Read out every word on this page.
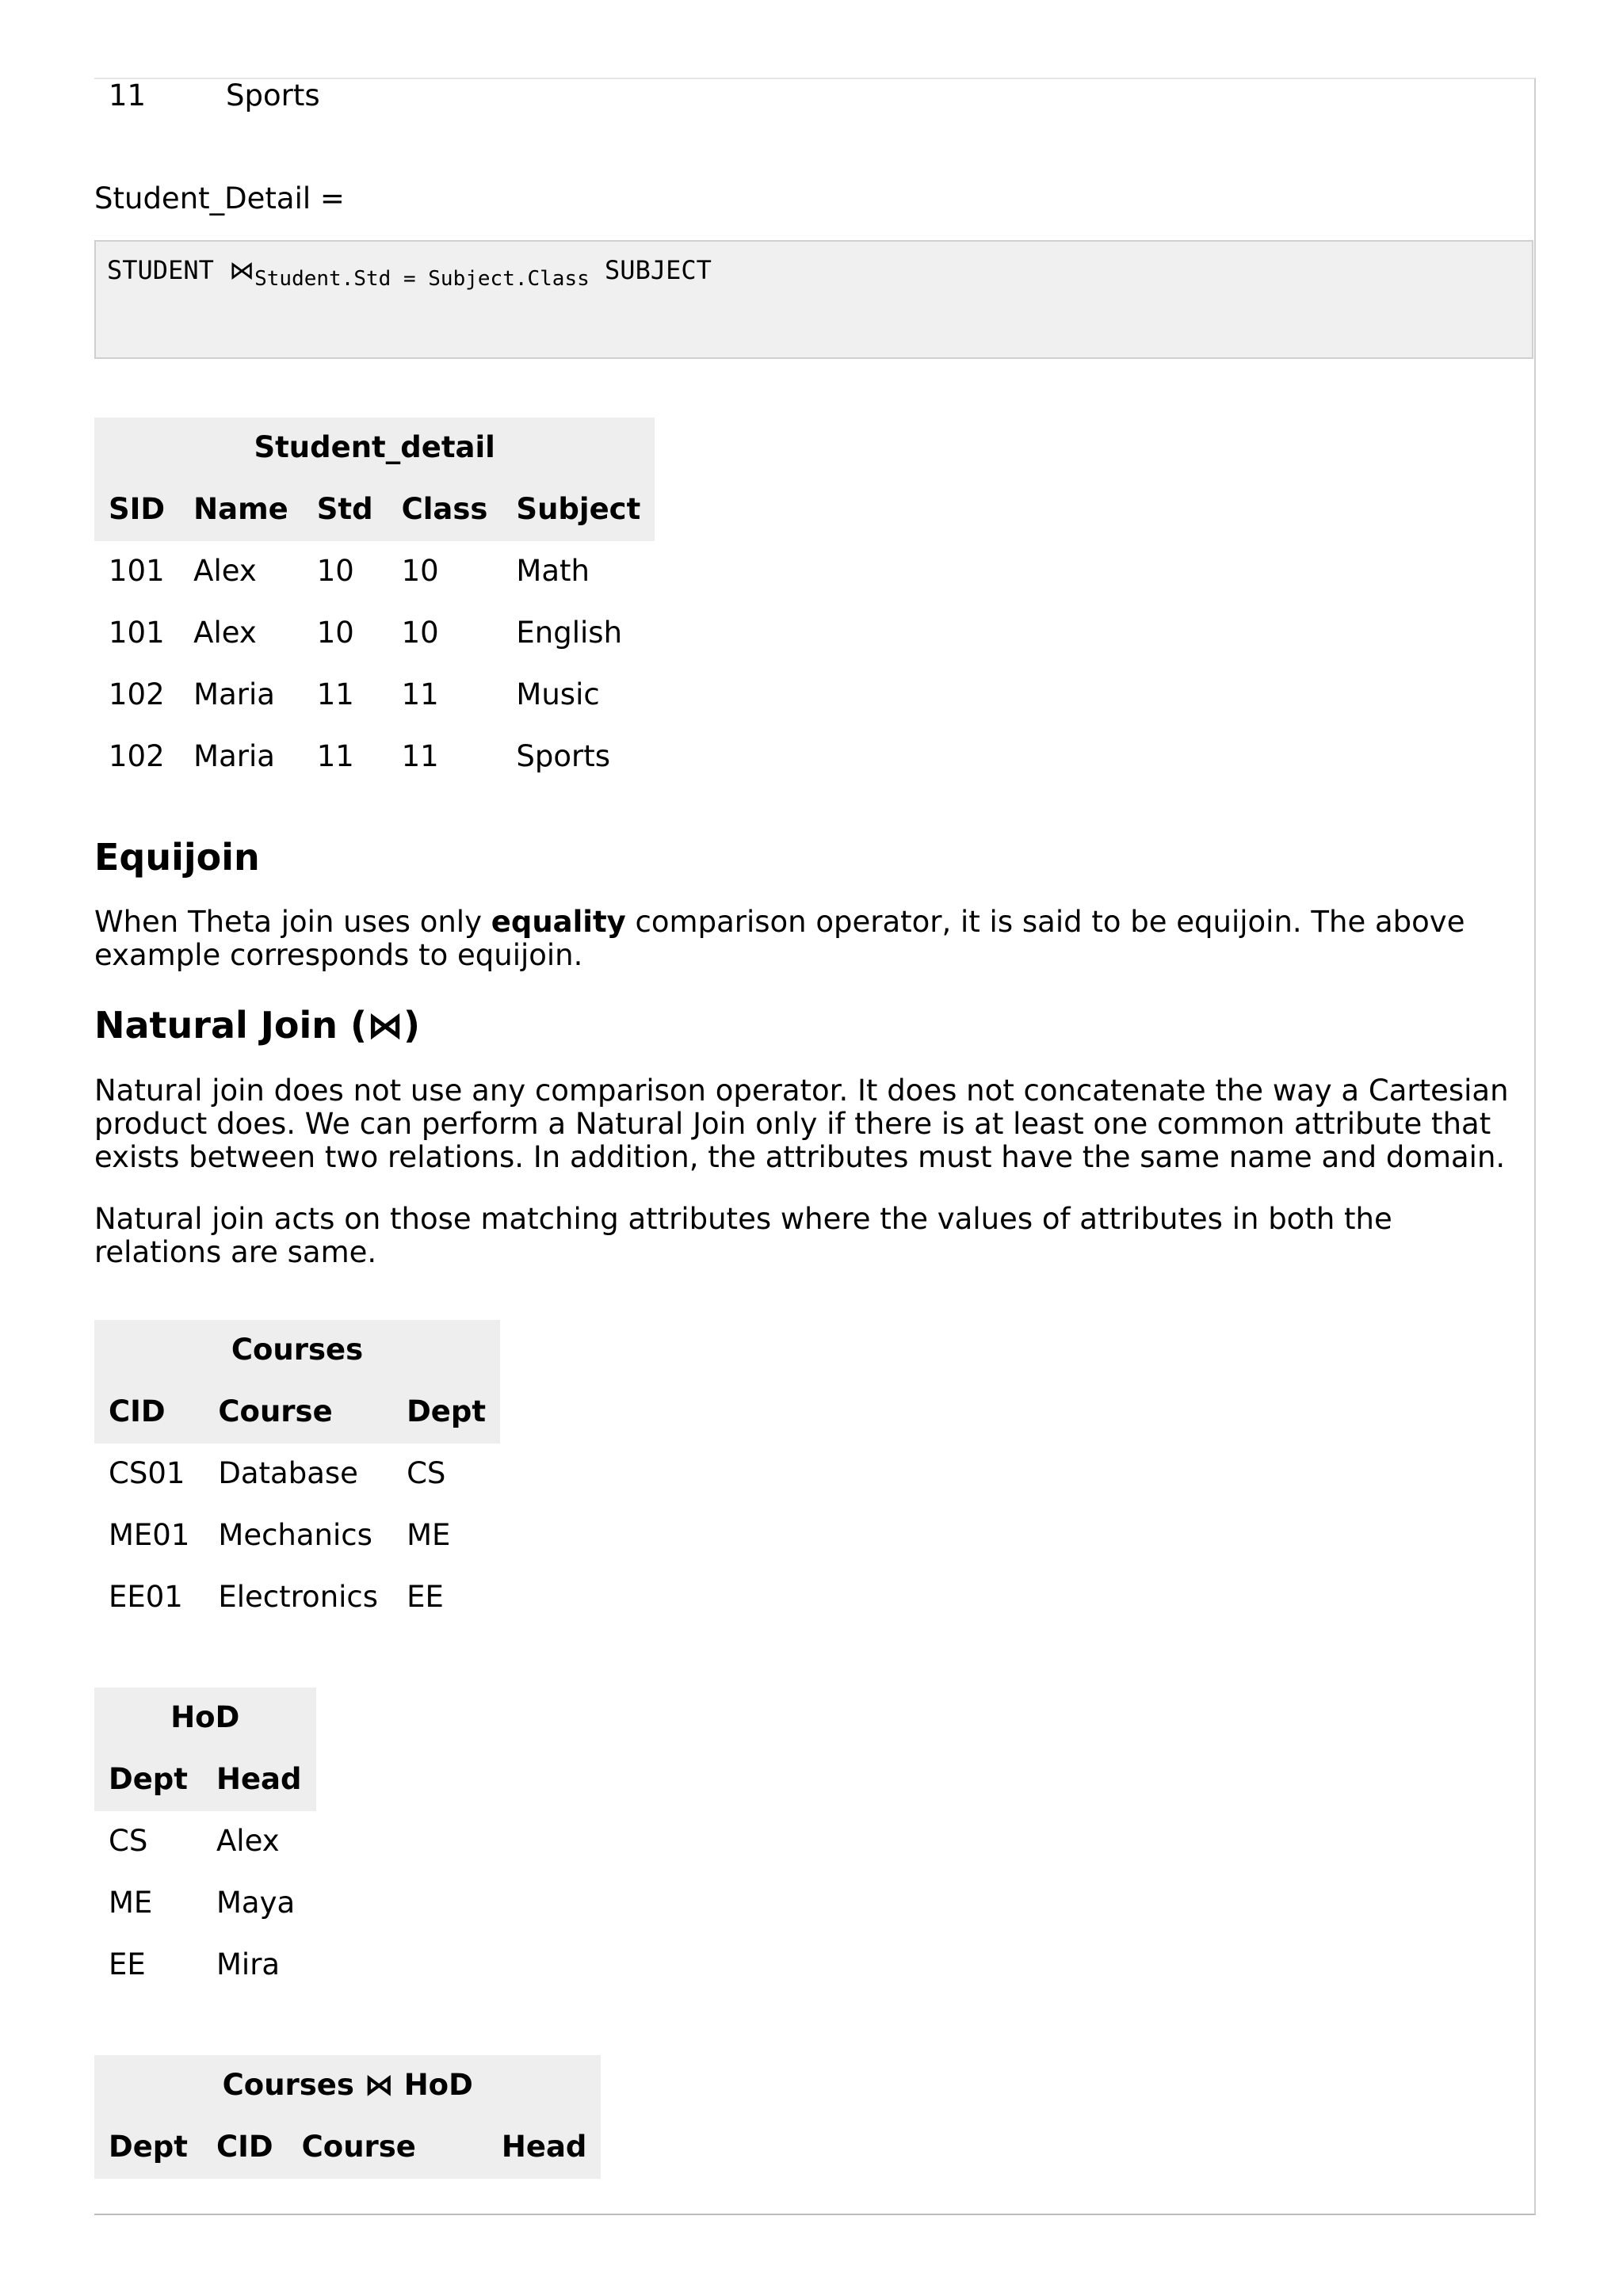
11	Sports

Student_Detail =

STUDENT $⋈_{Student.Std = Subject.Class}$ SUBJECT
Student_detail				
SID	Name	Std	Class	Subject
101	Alex	10	10	Math
101	Alex	10	10	English
102	Maria	11	11	Music
102	Maria	11	11	Sports
Equijoin

When Theta join uses only equality comparison operator, it is said to be equijoin. The above example corresponds to equijoin.

Natural Join (⋈)

Natural join does not use any comparison operator. It does not concatenate the way a Cartesian product does. We can perform a Natural Join only if there is at least one common attribute that exists between two relations. In addition, the attributes must have the same name and domain.

Natural join acts on those matching attributes where the values of attributes in both the relations are same.

Courses		
CID	Course	Dept
CS01	Database	CS
ME01	Mechanics	ME
EE01	Electronics	EE
HoD	
Dept	Head
CS	Alex
ME	Maya
EE	Mira
Courses ⋈ HoD
Dept	CID	Course	Head
